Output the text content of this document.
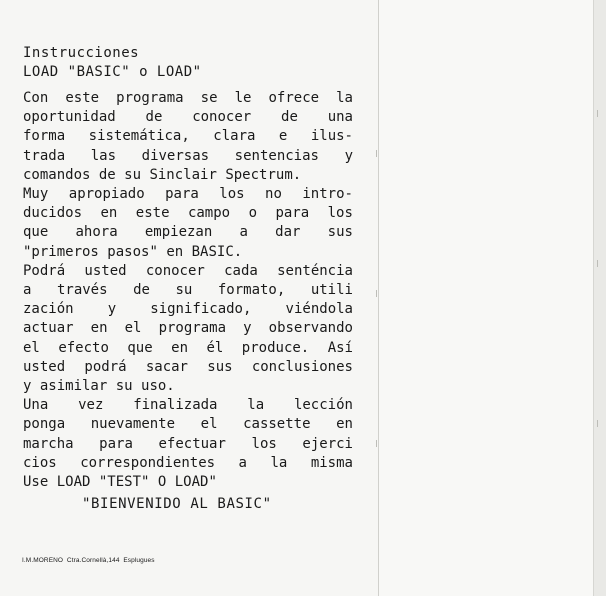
Instrucciones
LOAD "BASIC" o LOAD"
Con este programa se le ofrece la
oportunidad de conocer de una
forma sistemática, clara e ilus-
trada las diversas sentencias y
comandos de su Sinclair Spectrum.
Muy apropiado para los no intro-
ducidos en este campo o para los
que ahora empiezan a dar sus
"primeros pasos" en BASIC.
Podrá usted conocer cada senténcia
a través de su formato, utili
zación y significado, viéndola
actuar en el programa y observando
el efecto que en él produce. Así
usted podrá sacar sus conclusiones
y asimilar su uso.
Una vez finalizada la lección
ponga nuevamente el cassette en
marcha para efectuar los ejerci
cios correspondientes a la misma
Use LOAD "TEST" O LOAD"
"BIENVENIDO AL BASIC"
I.M.MORENO  Ctra.Cornellà,144  Esplugues
